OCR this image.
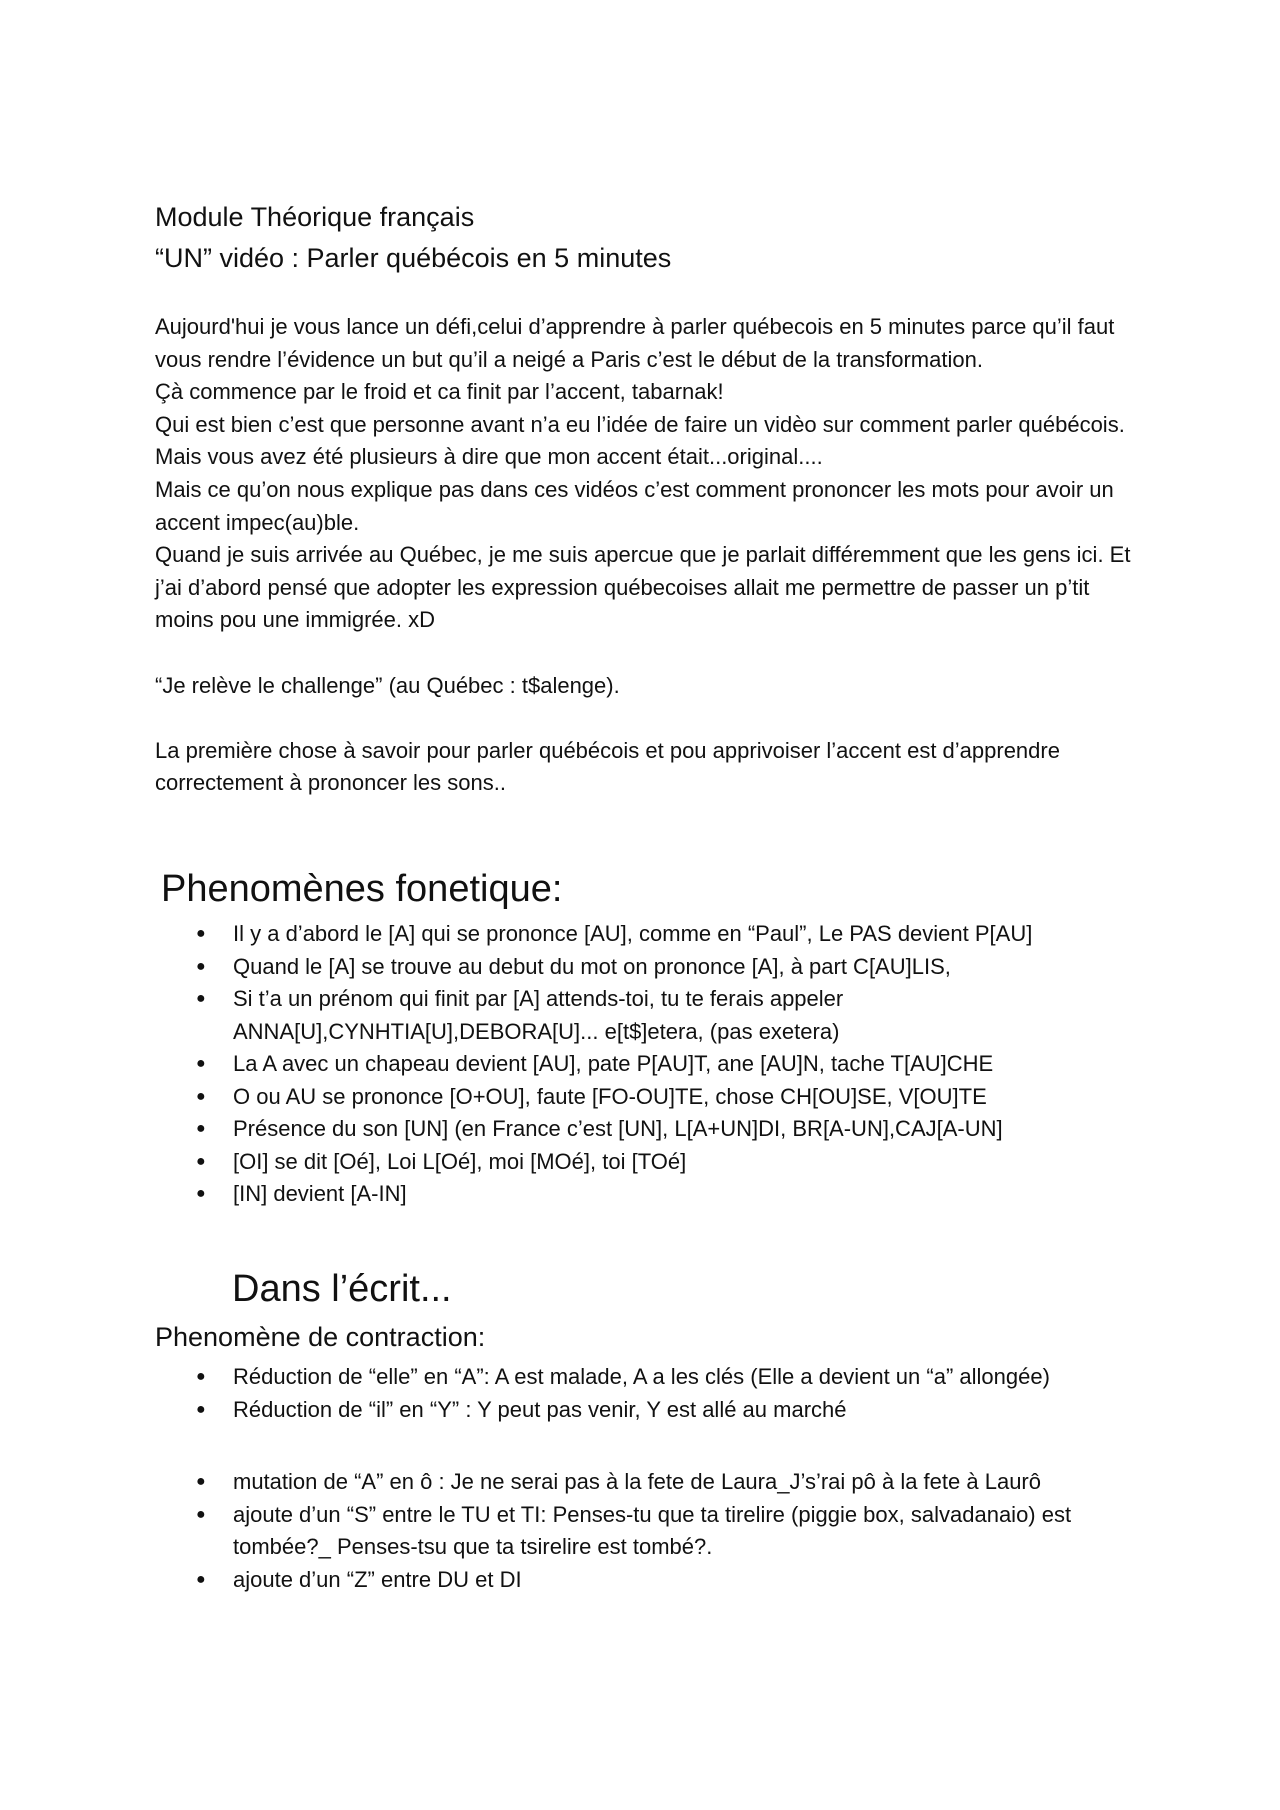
Module Théorique français
“UN” vidéo : Parler québécois en 5 minutes

Aujourd'hui je vous lance un défi,celui d’apprendre à parler québecois en 5 minutes parce qu’il faut vous rendre l’évidence un but qu’il a neigé a Paris c’est le début de la transformation.

Çà commence par le froid et ca finit par l’accent, tabarnak!

Qui est bien c’est que personne avant n’a eu l’idée de faire un vidèo sur comment parler québécois. Mais vous avez été plusieurs à dire que mon accent était...original....

Mais ce qu’on nous explique pas dans ces vidéos c’est comment prononcer les mots pour avoir un accent impec(au)ble.

Quand je suis arrivée au Québec, je me suis apercue que je parlait différemment que les gens ici. Et j’ai d’abord pensé que adopter les expression québecoises allait me permettre de passer un p’tit moins pou une immigrée. xD

“Je relève le challenge” (au Québec : t$alenge).

La première chose à savoir pour parler québécois et pou apprivoiser l’accent est d’apprendre correctement à prononcer les sons..

Phenomènes fonetique:
● Il y a d’abord le [A] qui se prononce [AU], comme en “Paul”, Le PAS devient P[AU]
● Quand le [A] se trouve au debut du mot on prononce [A], à part C[AU]LIS,
● Si t’a un prénom qui finit par [A] attends-toi, tu te ferais appeler ANNA[U],CYNHTIA[U],DEBORA[U]... e[t$]etera, (pas exetera)
● La A avec un chapeau devient [AU], pate P[AU]T, ane [AU]N, tache T[AU]CHE
● O ou AU se prononce [O+OU], faute [FO-OU]TE, chose CH[OU]SE, V[OU]TE
● Présence du son [UN] (en France c’est [UN], L[A+UN]DI, BR[A-UN],CAJ[A-UN]
● [OI] se dit [Oé], Loi L[Oé], moi [MOé], toi [TOé]
● [IN] devient [A-IN]
Dans l’écrit...
Phenomène de contraction:
● Réduction de “elle” en “A”: A est malade, A a les clés (Elle a devient un “a” allongée)
● Réduction de “il” en “Y” : Y peut pas venir, Y est allé au marché
● mutation de “A” en ô : Je ne serai pas à la fete de Laura_J’s’rai pô à la fete à Laurô
● ajoute d’un “S” entre le TU et TI: Penses-tu que ta tirelire (piggie box, salvadanaio) est tombée?_ Penses-tsu que ta tsirelire est tombé?.
● ajoute d’un “Z” entre DU et DI
